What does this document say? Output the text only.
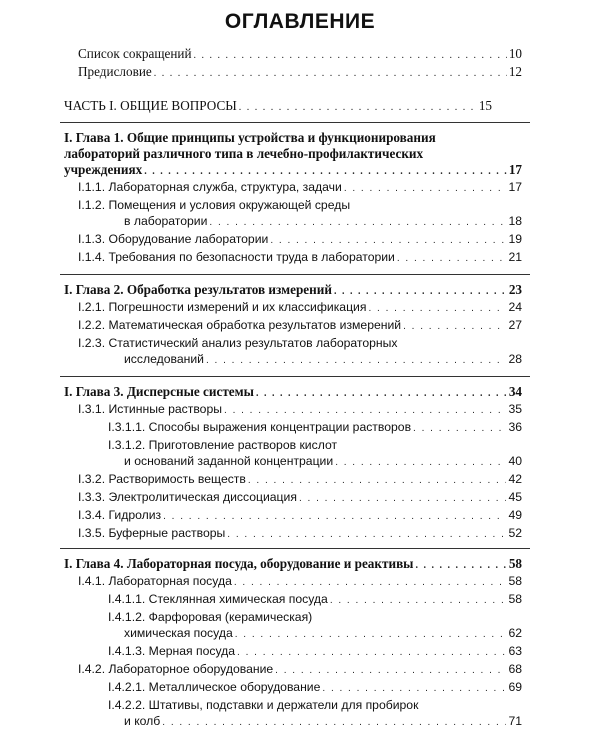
ОГЛАВЛЕНИЕ
Список сокращений . . .	10
Предисловие . . .	12
ЧАСТЬ I. ОБЩИЕ ВОПРОСЫ . . .	15
I. Глава 1. Общие принципы устройства и функционирования
лабораторий различного типа в лечебно-профилактических
учреждениях . . .	17
I.1.1. Лабораторная служба, структура, задачи . . .	17
I.1.2. Помещения и условия окружающей среды
в лаборатории . . .	18
I.1.3. Оборудование лаборатории . . .	19
I.1.4. Требования по безопасности труда в лаборатории . . .	21
I. Глава 2. Обработка результатов измерений . . .	23
I.2.1. Погрешности измерений и их классификация . . .	24
I.2.2. Математическая обработка результатов измерений . . .	27
I.2.3. Статистический анализ результатов лабораторных
исследований . . .	28
I. Глава 3. Дисперсные системы . . .	34
I.3.1. Истинные растворы . . .	35
I.3.1.1. Способы выражения концентрации растворов . . .	36
I.3.1.2. Приготовление растворов кислот
и оснований заданной концентрации . . .	40
I.3.2. Растворимость веществ . . .	42
I.3.3. Электролитическая диссоциация . . .	45
I.3.4. Гидролиз . . .	49
I.3.5. Буферные растворы . . .	52
I. Глава 4. Лабораторная посуда, оборудование и реактивы . . .	58
I.4.1. Лабораторная посуда . . .	58
I.4.1.1. Стеклянная химическая посуда . . .	58
I.4.1.2. Фарфоровая (керамическая)
химическая посуда . . .	62
I.4.1.3. Мерная посуда . . .	63
I.4.2. Лабораторное оборудование . . .	68
I.4.2.1. Металлическое оборудование . . .	69
I.4.2.2. Штативы, подставки и держатели для пробирок
и колб . . .	71
